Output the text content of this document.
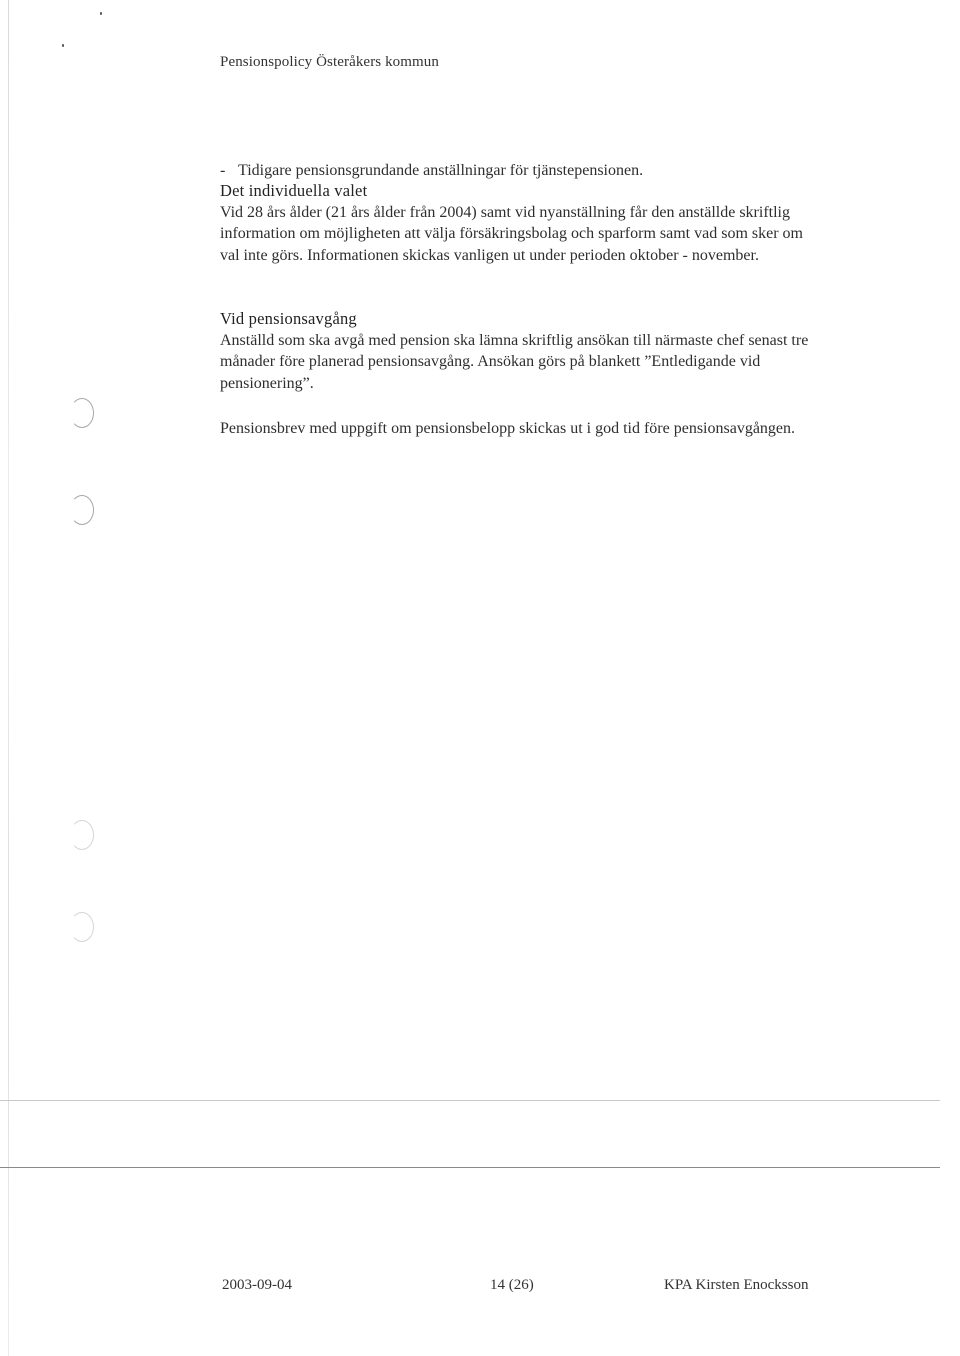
Pensionspolicy Österåkers kommun
- Tidigare pensionsgrundande anställningar för tjänstepensionen.
Det individuella valet
Vid 28 års ålder (21 års ålder från 2004) samt vid nyanställning får den anställde skriftlig information om möjligheten att välja försäkringsbolag och sparform samt vad som sker om val inte görs. Informationen skickas vanligen ut under perioden oktober - november.
Vid pensionsavgång
Anställd som ska avgå med pension ska lämna skriftlig ansökan till närmaste chef senast tre månader före planerad pensionsavgång. Ansökan görs på blankett ”Entledigande vid pensionering”.
Pensionsbrev med uppgift om pensionsbelopp skickas ut i god tid före pensionsavgången.
2003-09-04	14 (26)	KPA Kirsten Enocksson
